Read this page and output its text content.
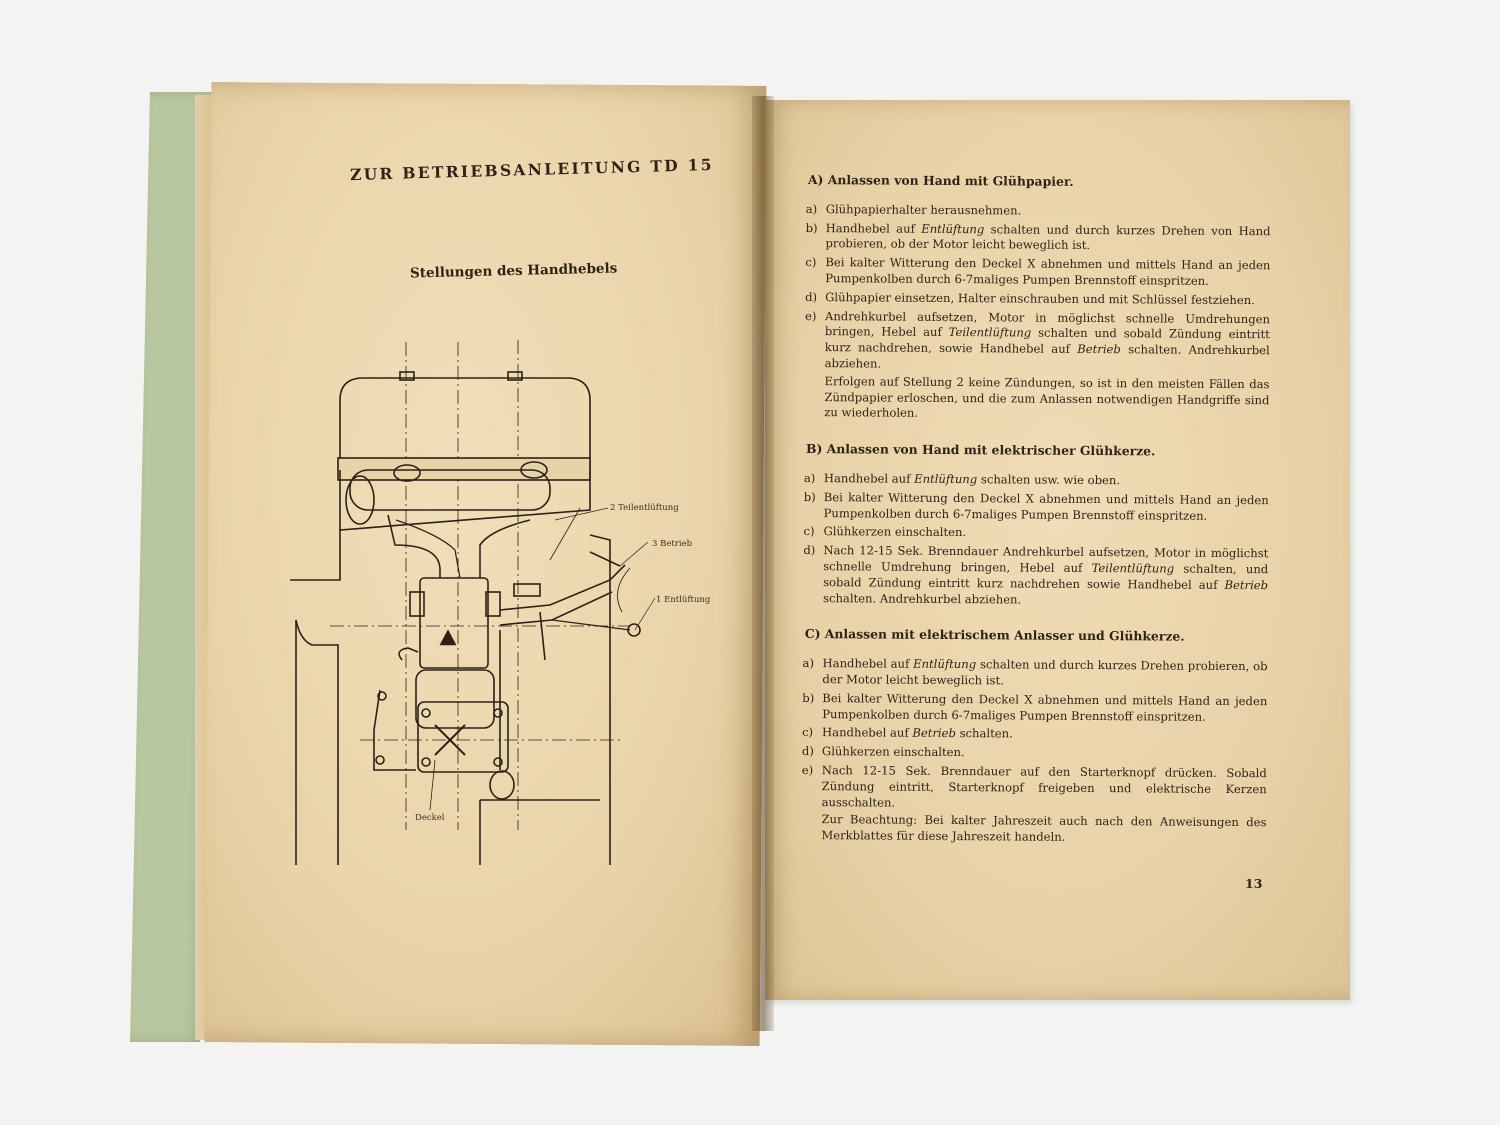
ZUR BETRIEBSANLEITUNG TD 15
Stellungen des Handhebels
2 Teilentlüftung
3 Betrieb
1 Entlüftung
Deckel
A) Anlassen von Hand mit Glühpapier.
a) Glühpapierhalter herausnehmen.
b) Handhebel auf Entlüftung schalten und durch kurzes Drehen von Hand probieren, ob der Motor leicht beweglich ist.
c) Bei kalter Witterung den Deckel X abnehmen und mittels Hand an jeden Pumpenkolben durch 6-7maliges Pumpen Brennstoff einspritzen.
d) Glühpapier einsetzen, Halter einschrauben und mit Schlüssel festziehen.
e) Andrehkurbel aufsetzen, Motor in möglichst schnelle Umdrehungen bringen, Hebel auf Teilentlüftung schalten und sobald Zündung eintritt kurz nachdrehen, sowie Handhebel auf Betrieb schalten. Andrehkurbel abziehen.
Erfolgen auf Stellung 2 keine Zündungen, so ist in den meisten Fällen das Zündpapier erloschen, und die zum Anlassen notwendigen Handgriffe sind zu wiederholen.
B) Anlassen von Hand mit elektrischer Glühkerze.
a) Handhebel auf Entlüftung schalten usw. wie oben.
b) Bei kalter Witterung den Deckel X abnehmen und mittels Hand an jeden Pumpenkolben durch 6-7maliges Pumpen Brennstoff einspritzen.
c) Glühkerzen einschalten.
d) Nach 12-15 Sek. Brenndauer Andrehkurbel aufsetzen, Motor in möglichst schnelle Umdrehung bringen, Hebel auf Teilentlüftung schalten, und sobald Zündung eintritt kurz nachdrehen sowie Handhebel auf Betrieb schalten. Andrehkurbel abziehen.
C) Anlassen mit elektrischem Anlasser und Glühkerze.
a) Handhebel auf Entlüftung schalten und durch kurzes Drehen probieren, ob der Motor leicht beweglich ist.
b) Bei kalter Witterung den Deckel X abnehmen und mittels Hand an jeden Pumpenkolben durch 6-7maliges Pumpen Brennstoff einspritzen.
c) Handhebel auf Betrieb schalten.
d) Glühkerzen einschalten.
e) Nach 12-15 Sek. Brenndauer auf den Starterknopf drücken. Sobald Zündung eintritt, Starterknopf freigeben und elektrische Kerzen ausschalten.
Zur Beachtung: Bei kalter Jahreszeit auch nach den Anweisungen des Merkblattes für diese Jahreszeit handeln.
13
